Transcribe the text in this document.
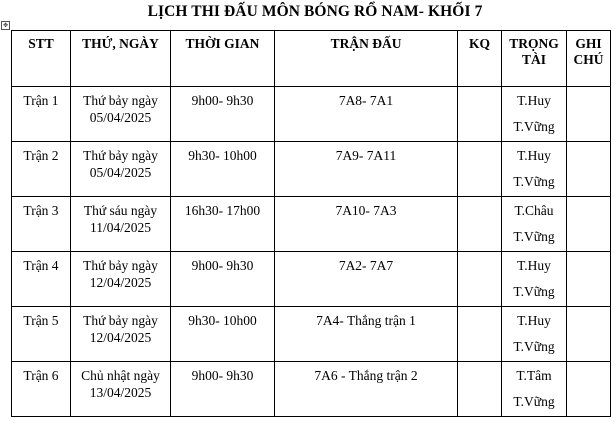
✥
LỊCH THI ĐẤU MÔN BÓNG RỔ NAM- KHỐI 7
STT	THỨ, NGÀY	THỜI GIAN	TRẬN ĐẤU	KQ	TRỌNG TÀI	GHI CHÚ
Trận 1	Thứ bảy ngày 05/04/2025	9h00- 9h30	7A8- 7A1		T.Huy
T.Vững	

Trận 2	Thứ bảy ngày 05/04/2025	9h30- 10h00	7A9- 7A11		T.Huy
T.Vững	

Trận 3	Thứ sáu ngày 11/04/2025	16h30- 17h00	7A10- 7A3		T.Châu
T.Vững	

Trận 4	Thứ bảy ngày 12/04/2025	9h00- 9h30	7A2- 7A7		T.Huy
T.Vững	

Trận 5	Thứ bảy ngày 12/04/2025	9h30- 10h00	7A4- Thắng trận 1		T.Huy
T.Vững	

Trận 6	Chủ nhật ngày 13/04/2025	9h00- 9h30	7A6 - Thắng trận 2		T.Tâm
T.Vững	
